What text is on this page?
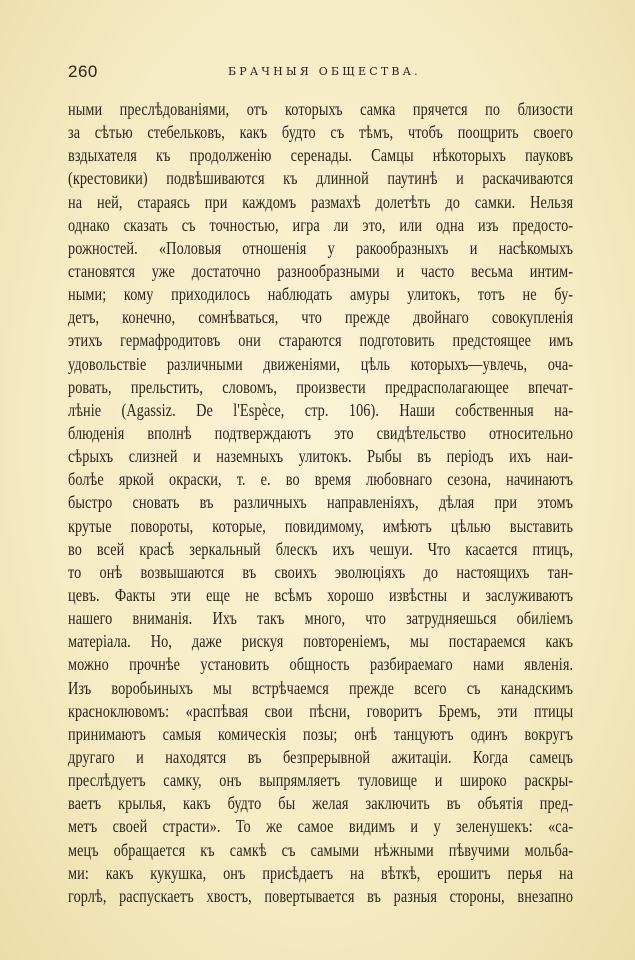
260	БРАЧНЫЯ ОБЩЕСТВА.
ными преслѣдованіями, отъ которыхъ самка прячется по близости
за сѣтью стебельковъ, какъ будто съ тѣмъ, чтобъ поощрить своего
вздыхателя къ продолженію серенады. Самцы нѣкоторыхъ пауковъ
(крестовики) подвѣшиваются къ длинной паутинѣ и раскачиваются
на ней, стараясь при каждомъ размахѣ долетѣть до самки. Нельзя
однако сказать съ точностью, игра ли это, или одна изъ предосто-
рожностей. «Половыя отношенія у ракообразныхъ и насѣкомыхъ
становятся уже достаточно разнообразными и часто весьма интим-
ными; кому приходилось наблюдать амуры улитокъ, тотъ не бу-
детъ, конечно, сомнѣваться, что прежде двойнаго совокупленія
этихъ гермафродитовъ они стараются подготовить предстоящее имъ
удовольствіе различными движеніями, цѣль которыхъ—увлечь, оча-
ровать, прельстить, словомъ, произвести предрасполагающее впечат-
лѣніе (Agassiz. De l'Espèce, стр. 106). Наши собственныя на-
блюденія вполнѣ подтверждаютъ это свидѣтельство относительно
сѣрыхъ слизней и наземныхъ улитокъ. Рыбы въ періодъ ихъ наи-
болѣе яркой окраски, т. е. во время любовнаго сезона, начинаютъ
быстро сновать въ различныхъ направленіяхъ, дѣлая при этомъ
крутые повороты, которые, повидимому, имѣютъ цѣлью выставить
во всей красѣ зеркальный блескъ ихъ чешуи. Что касается птицъ,
то онѣ возвышаются въ своихъ эволюціяхъ до настоящихъ тан-
цевъ. Факты эти еще не всѣмъ хорошо извѣстны и заслуживаютъ
нашего вниманія. Ихъ такъ много, что затрудняешься обиліемъ
матеріала. Но, даже рискуя повтореніемъ, мы постараемся какъ
можно прочнѣе установить общность разбираемаго нами явленія.
Изъ воробьиныхъ мы встрѣчаемся прежде всего съ канадскимъ
красноклювомъ: «распѣвая свои пѣсни, говоритъ Бремъ, эти птицы
принимаютъ самыя комическія позы; онѣ танцуютъ одинъ вокругъ
другаго и находятся въ безпрерывной ажитаціи. Когда самецъ
преслѣдуетъ самку, онъ выпрямляетъ туловище и широко раскры-
ваетъ крылья, какъ будто бы желая заключить въ объятія пред-
метъ своей страсти». То же самое видимъ и у зеленушекъ: «са-
мецъ обращается къ самкѣ съ самыми нѣжными пѣвучими мольба-
ми: какъ кукушка, онъ присѣдаетъ на вѣткѣ, ерошитъ перья на
горлѣ, распускаетъ хвостъ, повертывается въ разныя стороны, внезапно
